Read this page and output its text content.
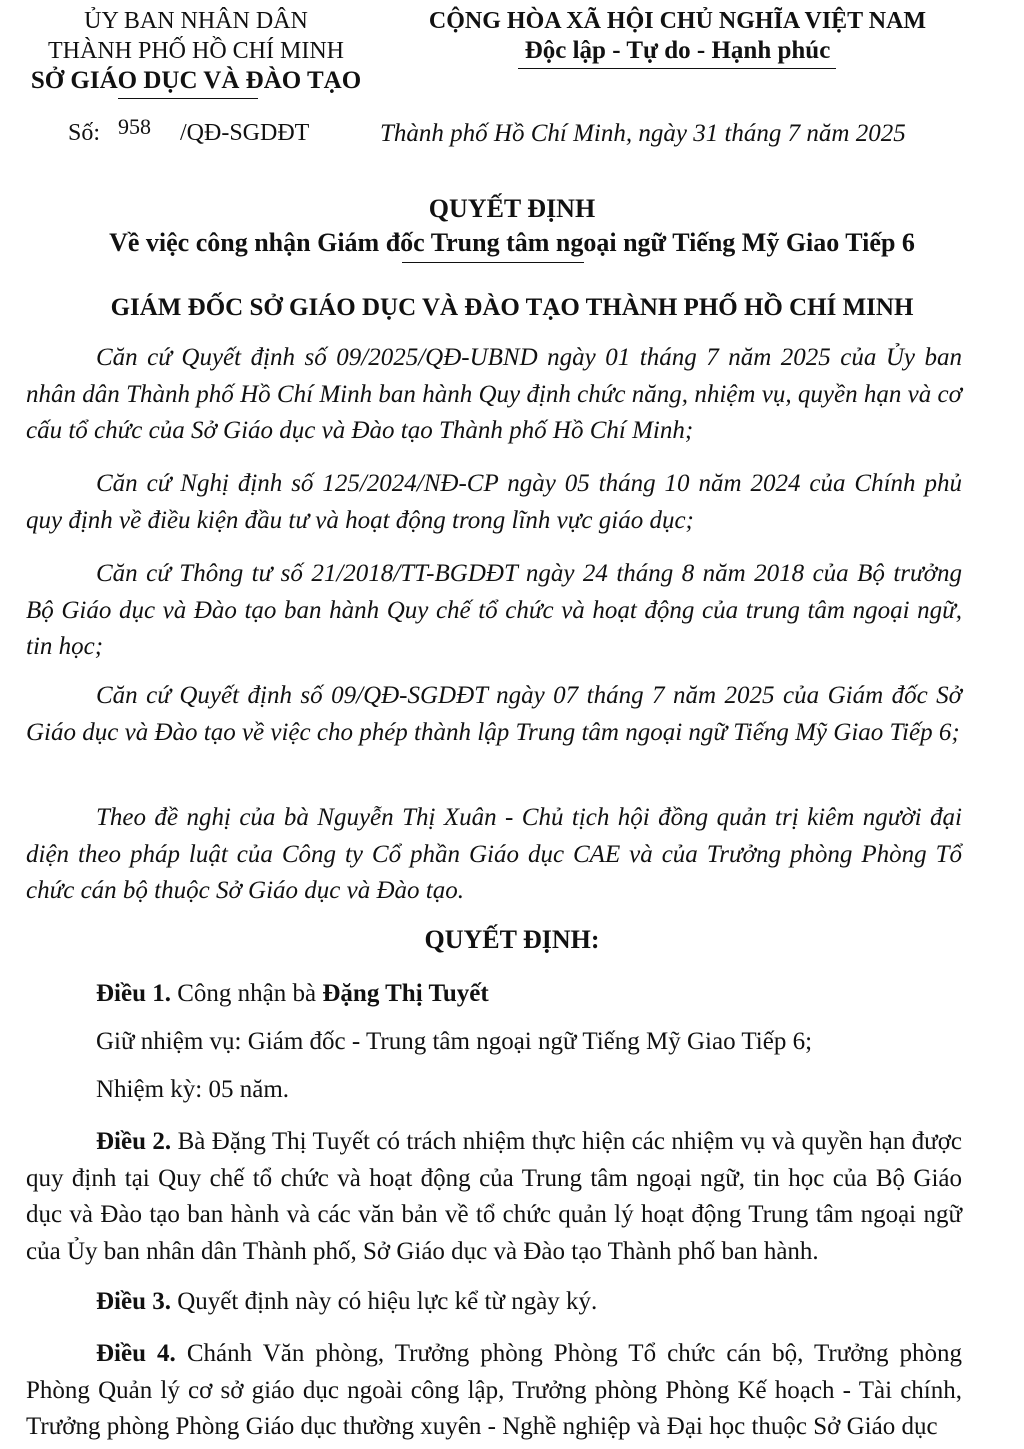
ỦY BAN NHÂN DÂN
THÀNH PHỐ HỒ CHÍ MINH
SỞ GIÁO DỤC VÀ ĐÀO TẠO
CỘNG HÒA XÃ HỘI CHỦ NGHĨA VIỆT NAM
Độc lập - Tự do - Hạnh phúc
Số: 958 /QĐ-SGDĐT	Thành phố Hồ Chí Minh, ngày 31 tháng 7 năm 2025
QUYẾT ĐỊNH
Về việc công nhận Giám đốc Trung tâm ngoại ngữ Tiếng Mỹ Giao Tiếp 6
GIÁM ĐỐC SỞ GIÁO DỤC VÀ ĐÀO TẠO THÀNH PHỐ HỒ CHÍ MINH

Căn cứ Quyết định số 09/2025/QĐ-UBND ngày 01 tháng 7 năm 2025 của Ủy ban nhân dân Thành phố Hồ Chí Minh ban hành Quy định chức năng, nhiệm vụ, quyền hạn và cơ cấu tổ chức của Sở Giáo dục và Đào tạo Thành phố Hồ Chí Minh;

Căn cứ Nghị định số 125/2024/NĐ-CP ngày 05 tháng 10 năm 2024 của Chính phủ quy định về điều kiện đầu tư và hoạt động trong lĩnh vực giáo dục;

Căn cứ Thông tư số 21/2018/TT-BGDĐT ngày 24 tháng 8 năm 2018 của Bộ trưởng Bộ Giáo dục và Đào tạo ban hành Quy chế tổ chức và hoạt động của trung tâm ngoại ngữ, tin học;

Căn cứ Quyết định số 09/QĐ-SGDĐT ngày 07 tháng 7 năm 2025 của Giám đốc Sở Giáo dục và Đào tạo về việc cho phép thành lập Trung tâm ngoại ngữ Tiếng Mỹ Giao Tiếp 6;

Theo đề nghị của bà Nguyễn Thị Xuân - Chủ tịch hội đồng quản trị kiêm người đại diện theo pháp luật của Công ty Cổ phần Giáo dục CAE và của Trưởng phòng Phòng Tổ chức cán bộ thuộc Sở Giáo dục và Đào tạo.

QUYẾT ĐỊNH:

Điều 1. Công nhận bà Đặng Thị Tuyết

Giữ nhiệm vụ: Giám đốc - Trung tâm ngoại ngữ Tiếng Mỹ Giao Tiếp 6;

Nhiệm kỳ: 05 năm.

Điều 2. Bà Đặng Thị Tuyết có trách nhiệm thực hiện các nhiệm vụ và quyền hạn được quy định tại Quy chế tổ chức và hoạt động của Trung tâm ngoại ngữ, tin học của Bộ Giáo dục và Đào tạo ban hành và các văn bản về tổ chức quản lý hoạt động Trung tâm ngoại ngữ của Ủy ban nhân dân Thành phố, Sở Giáo dục và Đào tạo Thành phố ban hành.

Điều 3. Quyết định này có hiệu lực kể từ ngày ký.

Điều 4. Chánh Văn phòng, Trưởng phòng Phòng Tổ chức cán bộ, Trưởng phòng Phòng Quản lý cơ sở giáo dục ngoài công lập, Trưởng phòng Phòng Kế hoạch - Tài chính, Trưởng phòng Phòng Giáo dục thường xuyên - Nghề nghiệp và Đại học thuộc Sở Giáo dục
